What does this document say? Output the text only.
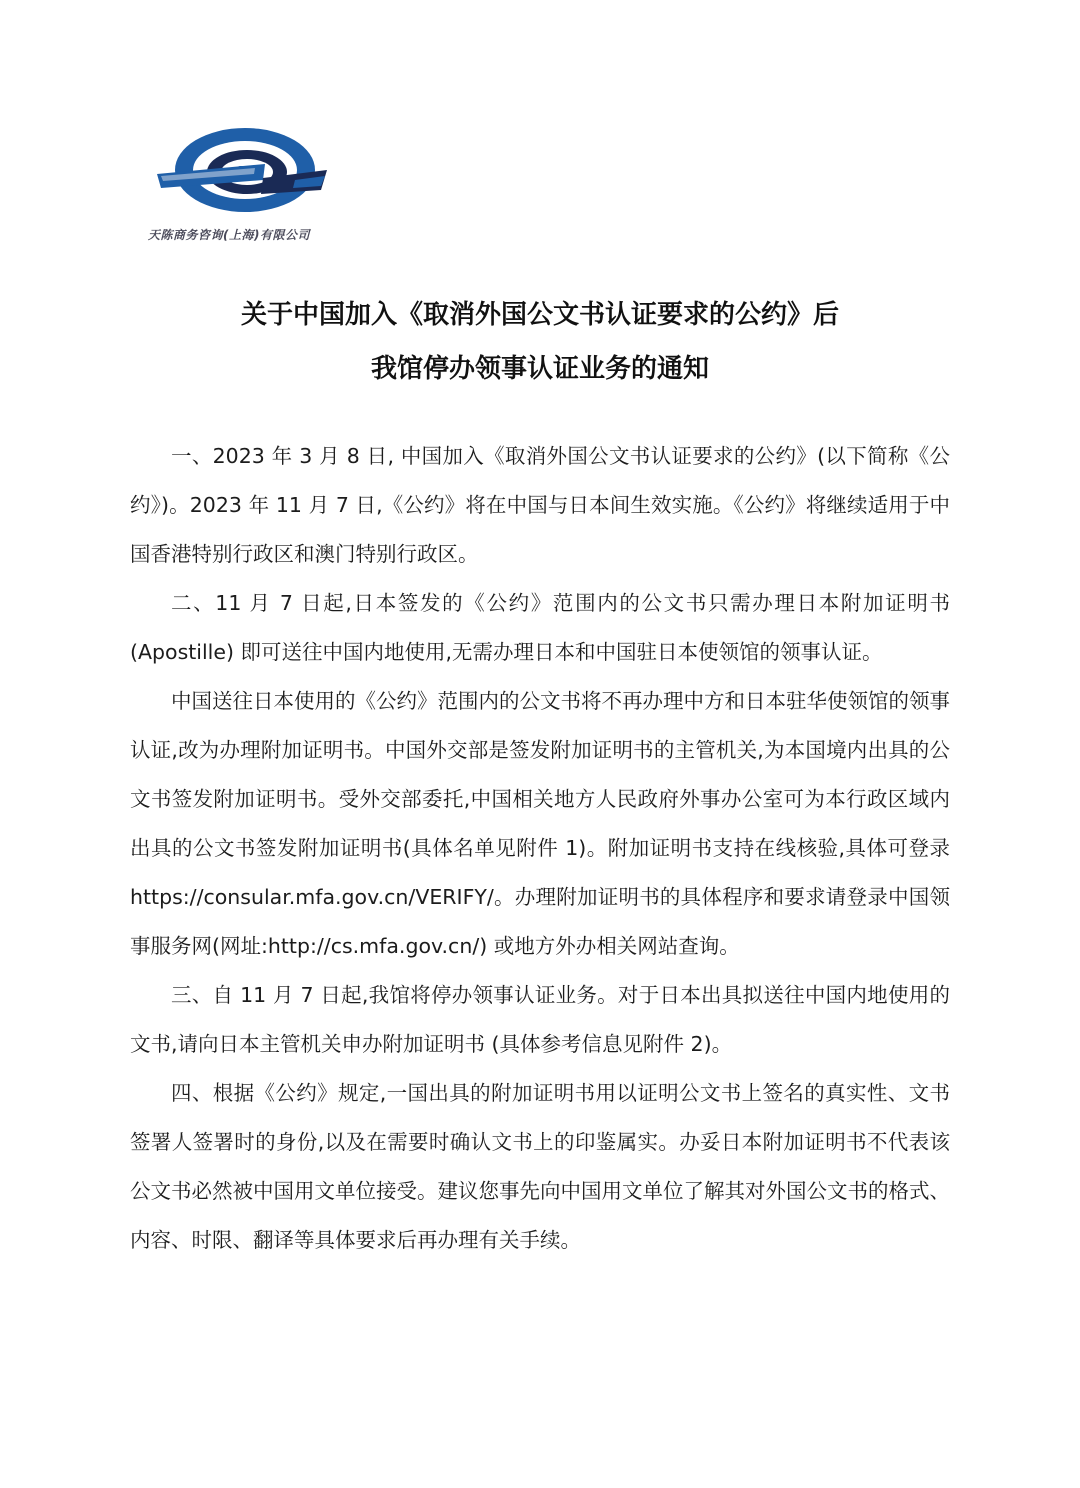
天陈商务咨询(上海)有限公司
关于中国加入《取消外国公文书认证要求的公约》后
我馆停办领事认证业务的通知

一、2023 年 3 月 8 日, 中国加入《取消外国公文书认证要求的公约》(以下简称《公约》)。2023 年 11 月 7 日,《公约》将在中国与日本间生效实施。《公约》将继续适用于中国香港特别行政区和澳门特别行政区。

二、11 月 7 日起,日本签发的《公约》范围内的公文书只需办理日本附加证明书 (Apostille) 即可送往中国内地使用,无需办理日本和中国驻日本使领馆的领事认证。

中国送往日本使用的《公约》范围内的公文书将不再办理中方和日本驻华使领馆的领事认证,改为办理附加证明书。中国外交部是签发附加证明书的主管机关,为本国境内出具的公文书签发附加证明书。受外交部委托,中国相关地方人民政府外事办公室可为本行政区域内出具的公文书签发附加证明书(具体名单见附件 1)。附加证明书支持在线核验,具体可登录 https://consular.mfa.gov.cn/VERIFY/。办理附加证明书的具体程序和要求请登录中国领事服务网(网址:http://cs.mfa.gov.cn/) 或地方外办相关网站查询。

三、自 11 月 7 日起,我馆将停办领事认证业务。对于日本出具拟送往中国内地使用的文书,请向日本主管机关申办附加证明书 (具体参考信息见附件 2)。

四、根据《公约》规定,一国出具的附加证明书用以证明公文书上签名的真实性、文书签署人签署时的身份,以及在需要时确认文书上的印鉴属实。办妥日本附加证明书不代表该公文书必然被中国用文单位接受。建议您事先向中国用文单位了解其对外国公文书的格式、内容、时限、翻译等具体要求后再办理有关手续。
